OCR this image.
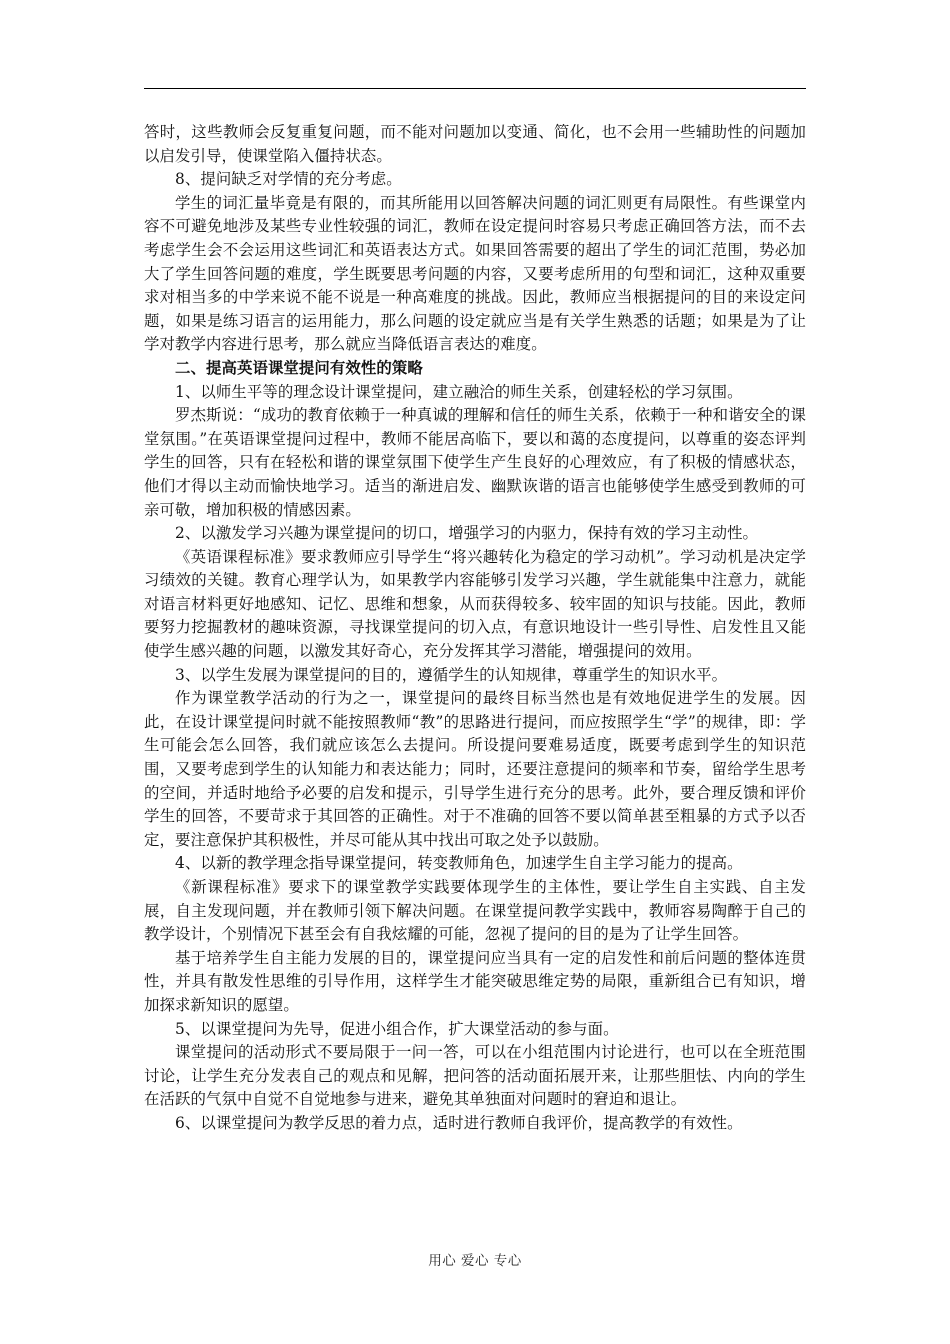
答时，这些教师会反复重复问题，而不能对问题加以变通、简化，也不会用一些辅助性的问题加以启发引导，使课堂陷入僵持状态。

8、提问缺乏对学情的充分考虑。

学生的词汇量毕竟是有限的，而其所能用以回答解决问题的词汇则更有局限性。有些课堂内容不可避免地涉及某些专业性较强的词汇，教师在设定提问时容易只考虑正确回答方法，而不去考虑学生会不会运用这些词汇和英语表达方式。如果回答需要的超出了学生的词汇范围，势必加大了学生回答问题的难度，学生既要思考问题的内容，又要考虑所用的句型和词汇，这种双重要求对相当多的中学来说不能不说是一种高难度的挑战。因此，教师应当根据提问的目的来设定问题，如果是练习语言的运用能力，那么问题的设定就应当是有关学生熟悉的话题；如果是为了让学对教学内容进行思考，那么就应当降低语言表达的难度。

二、提高英语课堂提问有效性的策略

1、以师生平等的理念设计课堂提问，建立融洽的师生关系，创建轻松的学习氛围。

罗杰斯说：“成功的教育依赖于一种真诚的理解和信任的师生关系，依赖于一种和谐安全的课堂氛围。”在英语课堂提问过程中，教师不能居高临下，要以和蔼的态度提问，以尊重的姿态评判学生的回答，只有在轻松和谐的课堂氛围下使学生产生良好的心理效应，有了积极的情感状态，他们才得以主动而愉快地学习。适当的渐进启发、幽默诙谐的语言也能够使学生感受到教师的可亲可敬，增加积极的情感因素。

2、以激发学习兴趣为课堂提问的切口，增强学习的内驱力，保持有效的学习主动性。

《英语课程标准》要求教师应引导学生“将兴趣转化为稳定的学习动机”。学习动机是决定学习绩效的关键。教育心理学认为，如果教学内容能够引发学习兴趣，学生就能集中注意力，就能对语言材料更好地感知、记忆、思维和想象，从而获得较多、较牢固的知识与技能。因此，教师要努力挖掘教材的趣味资源，寻找课堂提问的切入点，有意识地设计一些引导性、启发性且又能使学生感兴趣的问题，以激发其好奇心，充分发挥其学习潜能，增强提问的效用。

3、以学生发展为课堂提问的目的，遵循学生的认知规律，尊重学生的知识水平。

作为课堂教学活动的行为之一，课堂提问的最终目标当然也是有效地促进学生的发展。因此，在设计课堂提问时就不能按照教师“教”的思路进行提问，而应按照学生“学”的规律，即：学生可能会怎么回答，我们就应该怎么去提问。所设提问要难易适度，既要考虑到学生的知识范围，又要考虑到学生的认知能力和表达能力；同时，还要注意提问的频率和节奏，留给学生思考的空间，并适时地给予必要的启发和提示，引导学生进行充分的思考。此外，要合理反馈和评价学生的回答，不要苛求于其回答的正确性。对于不准确的回答不要以简单甚至粗暴的方式予以否定，要注意保护其积极性，并尽可能从其中找出可取之处予以鼓励。

4、以新的教学理念指导课堂提问，转变教师角色，加速学生自主学习能力的提高。

《新课程标准》要求下的课堂教学实践要体现学生的主体性，要让学生自主实践、自主发展，自主发现问题，并在教师引领下解决问题。在课堂提问教学实践中，教师容易陶醉于自己的教学设计，个别情况下甚至会有自我炫耀的可能，忽视了提问的目的是为了让学生回答。

基于培养学生自主能力发展的目的，课堂提问应当具有一定的启发性和前后问题的整体连贯性，并具有散发性思维的引导作用，这样学生才能突破思维定势的局限，重新组合已有知识，增加探求新知识的愿望。

5、以课堂提问为先导，促进小组合作，扩大课堂活动的参与面。

课堂提问的活动形式不要局限于一问一答，可以在小组范围内讨论进行，也可以在全班范围讨论，让学生充分发表自己的观点和见解，把问答的活动面拓展开来，让那些胆怯、内向的学生在活跃的气氛中自觉不自觉地参与进来，避免其单独面对问题时的窘迫和退让。

6、以课堂提问为教学反思的着力点，适时进行教师自我评价，提高教学的有效性。

用心 爱心 专心
